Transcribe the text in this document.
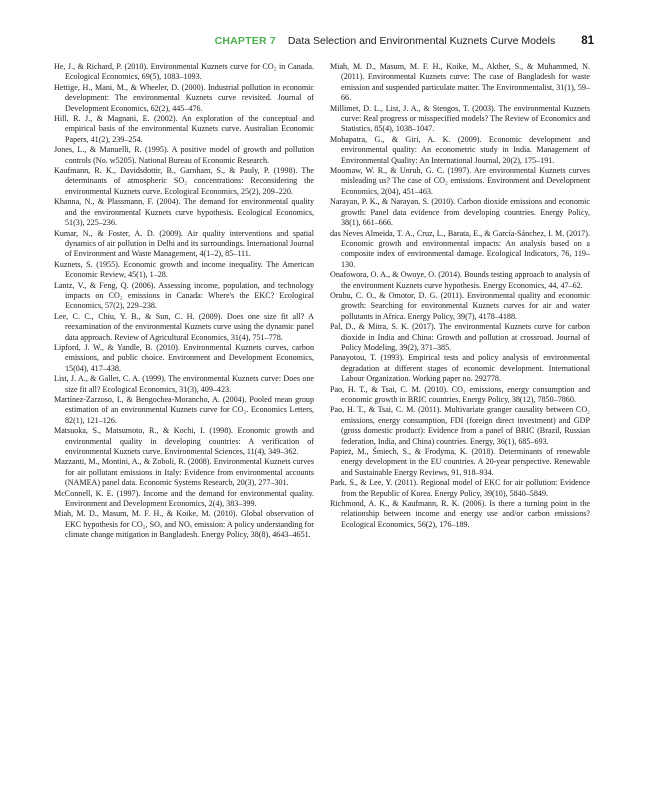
CHAPTER 7 Data Selection and Environmental Kuznets Curve Models 81

He, J., & Richard, P. (2010). Environmental Kuznets curve for CO₂ in Canada. Ecological Economics, 69(5), 1083–1093.

Hettige, H., Mani, M., & Wheeler, D. (2000). Industrial pollution in economic development: The environmental Kuznets curve revisited. Journal of Development Economics, 62(2), 445–476.

Hill, R. J., & Magnani, E. (2002). An exploration of the conceptual and empirical basis of the environmental Kuznets curve. Australian Economic Papers, 41(2), 239–254.

Jones, L., & Manuelli, R. (1995). A positive model of growth and pollution controls (No. w5205). National Bureau of Economic Research.

Kaufmann, R. K., Davidsdottir, B., Garnham, S., & Pauly, P. (1998). The determinants of atmospheric SO₂ concentrations: Reconsidering the environmental Kuznets curve. Ecological Economics, 25(2), 209–220.

Khanna, N., & Plassmann, F. (2004). The demand for environmental quality and the environmental Kuznets curve hypothesis. Ecological Economics, 51(3), 225–236.

Kumar, N., & Foster, A. D. (2009). Air quality interventions and spatial dynamics of air pollution in Delhi and its surroundings. International Journal of Environment and Waste Management, 4(1–2), 85–111.

Kuznets, S. (1955). Economic growth and income inequality. The American Economic Review, 45(1), 1–28.

Lantz, V., & Feng, Q. (2006). Assessing income, population, and technology impacts on CO₂ emissions in Canada: Where's the EKC? Ecological Economics, 57(2), 229–238.

Lee, C. C., Chiu, Y. B., & Sun, C. H. (2009). Does one size fit all? A reexamination of the environmental Kuznets curve using the dynamic panel data approach. Review of Agricultural Economics, 31(4), 751–778.

Lipford, J. W., & Yandle, B. (2010). Environmental Kuznets curves, carbon emissions, and public choice. Environment and Development Economics, 15(04), 417–438.

List, J. A., & Gallet, C. A. (1999). The environmental Kuznets curve: Does one size fit all? Ecological Economics, 31(3), 409–423.

Martínez-Zarzoso, I., & Bengochea-Morancho, A. (2004). Pooled mean group estimation of an environmental Kuznets curve for CO₂. Economics Letters, 82(1), 121–126.

Matsuoka, S., Matsumoto, R., & Kochi, I. (1998). Economic growth and environmental quality in developing countries: A verification of environmental Kuznets curve. Environmental Sciences, 11(4), 349–362.

Mazzanti, M., Montini, A., & Zoboli, R. (2008). Environmental Kuznets curves for air pollutant emissions in Italy: Evidence from environmental accounts (NAMEA) panel data. Economic Systems Research, 20(3), 277–301.

McConnell, K. E. (1997). Income and the demand for environmental quality. Environment and Development Economics, 2(4), 383–399.

Miah, M. D., Masum, M. F. H., & Koike, M. (2010). Global observation of EKC hypothesis for CO₂, SOₓ and NOₓ emission: A policy understanding for climate change mitigation in Bangladesh. Energy Policy, 38(8), 4643–4651.

Miah, M. D., Masum, M. F. H., Koike, M., Akther, S., & Muhammed, N. (2011). Environmental Kuznets curve: The case of Bangladesh for waste emission and suspended particulate matter. The Environmentalist, 31(1), 59–66.

Millimet, D. L., List, J. A., & Stengos, T. (2003). The environmental Kuznets curve: Real progress or misspecified models? The Review of Economics and Statistics, 85(4), 1038–1047.

Mohapatra, G., & Giri, A. K. (2009). Economic development and environmental quality: An econometric study in India. Management of Environmental Quality: An International Journal, 20(2), 175–191.

Moomaw, W. R., & Unruh, G. C. (1997). Are environmental Kuznets curves misleading us? The case of CO₂ emissions. Environment and Development Economics, 2(04), 451–463.

Narayan, P. K., & Narayan, S. (2010). Carbon dioxide emissions and economic growth: Panel data evidence from developing countries. Energy Policy, 38(1), 661–666.

das Neves Almeida, T. A., Cruz, L., Barata, E., & García-Sánchez, I. M. (2017). Economic growth and environmental impacts: An analysis based on a composite index of environmental damage. Ecological Indicators, 76, 119–130.

Onafowora, O. A., & Owoye, O. (2014). Bounds testing approach to analysis of the environment Kuznets curve hypothesis. Energy Economics, 44, 47–62.

Orubu, C. O., & Omotor, D. G. (2011). Environmental quality and economic growth: Searching for environmental Kuznets curves for air and water pollutants in Africa. Energy Policy, 39(7), 4178–4188.

Pal, D., & Mitra, S. K. (2017). The environmental Kuznets curve for carbon dioxide in India and China: Growth and pollution at crossroad. Journal of Policy Modeling, 39(2), 371–385.

Panayotou, T. (1993). Empirical tests and policy analysis of environmental degradation at different stages of economic development. International Labour Organization. Working paper no. 292778.

Pao, H. T., & Tsai, C. M. (2010). CO₂ emissions, energy consumption and economic growth in BRIC countries. Energy Policy, 38(12), 7850–7860.

Pao, H. T., & Tsai, C. M. (2011). Multivariate granger causality between CO₂ emissions, energy consumption, FDI (foreign direct investment) and GDP (gross domestic product): Evidence from a panel of BRIC (Brazil, Russian federation, India, and China) countries. Energy, 36(1), 685–693.

Papież, M., Śmiech, S., & Frodyma, K. (2018). Determinants of renewable energy development in the EU countries. A 20-year perspective. Renewable and Sustainable Energy Reviews, 91, 918–934.

Park, S., & Lee, Y. (2011). Regional model of EKC for air pollution: Evidence from the Republic of Korea. Energy Policy, 39(10), 5840–5849.

Richmond, A. K., & Kaufmann, R. K. (2006). Is there a turning point in the relationship between income and energy use and/or carbon emissions? Ecological Economics, 56(2), 176–189.
